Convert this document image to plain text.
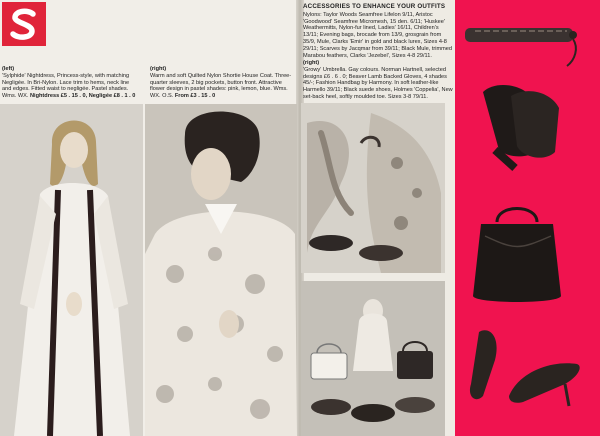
(left)
'Sylphide' Nightdress, Princess-style, with matching Negligée. In Bri-Nylon. Lace trim to hems, neck line and edges. Fitted waist to negligée. Pastel shades. Wms. WX. Nightdress £5 . 15 . 0, Negligée £8 . 1 . 0
(right)
Warm and soft Quilted Nylon Shortie House Coat. Three-quarter sleeves, 2 big pockets, button front. Attractive flower design in pastel shades: pink, lemon, blue. Wms. WX. O.S. From £3 . 15 . 0
ACCESSORIES TO ENHANCE YOUR OUTFITS
Nylons: Taylor Woods Seamfree Lifelon 9/11, Aristoc 'Goodwood' Seamfree Micromesh, 15 den. 6/11; 'Huskee' Weathermitts, Nylon-fur lined, Ladies' 16/11, Children's 13/11; Evening bags, brocade from 13/9, grosgrain from 35/9, Mule, Clarks 'Emir' in gold and black lurex, Sizes 4-8 29/11; Scarves by Jacqmar from 39/11; Black Mule, trimmed Marabou feathers, Clarks 'Jezebel', Sizes 4-8 29/11.
(right)
'Growy' Umbrella. Gay colours. Norman Hartnell, selected designs £6 . 6 . 0; Beaver Lamb Backed Gloves, 4 shades 45/-; Fashion Handbag by Harmony. In soft leather-like Harmello 39/11; Black suede shoes, Holmes 'Coppelia', New set-back heel, softly moulded toe. Sizes 3-8 79/11.
